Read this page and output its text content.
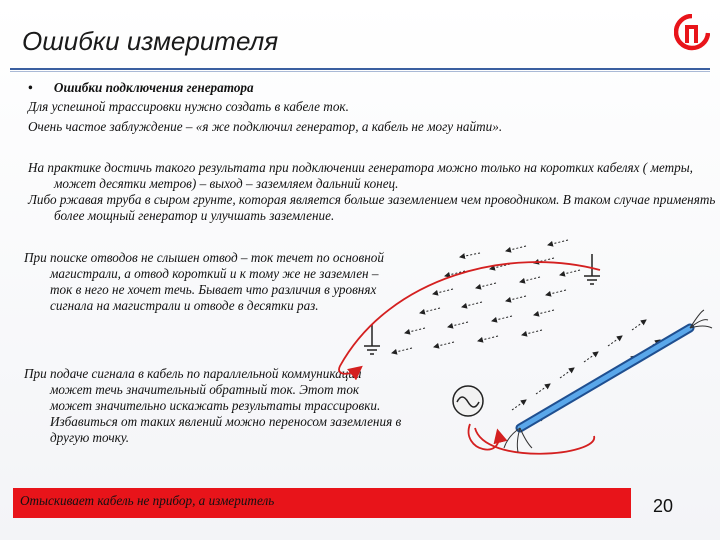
Ошибки измерителя
• Ошибки подключения генератора
Для успешной трассировки нужно создать в кабеле ток.
Очень частое заблуждение – «я же подключил генератор, а кабель не могу найти».
На практике достичь такого результата при подключении генератора можно только на коротких кабелях ( метры, может десятки метров) – выход – заземляем дальний конец.
Либо ржавая труба в сыром грунте, которая является больше заземлением чем проводником. В таком случае применять более мощный генератор и улучшать заземление.
При поиске отводов не слышен отвод – ток течет по основной магистрали, а отвод короткий и к тому же не заземлен – ток в него не хочет течь. Бывает что различия в уровнях сигнала на магистрали и отводе в десятки раз.
При подаче сигнала в кабель по параллельной коммуникации может течь значительный обратный ток. Этот ток может значительно искажать результаты трассировки. Избавиться от таких явлений можно переносом заземления в другую точку.
Отыскивает кабель не прибор, а измеритель	20
